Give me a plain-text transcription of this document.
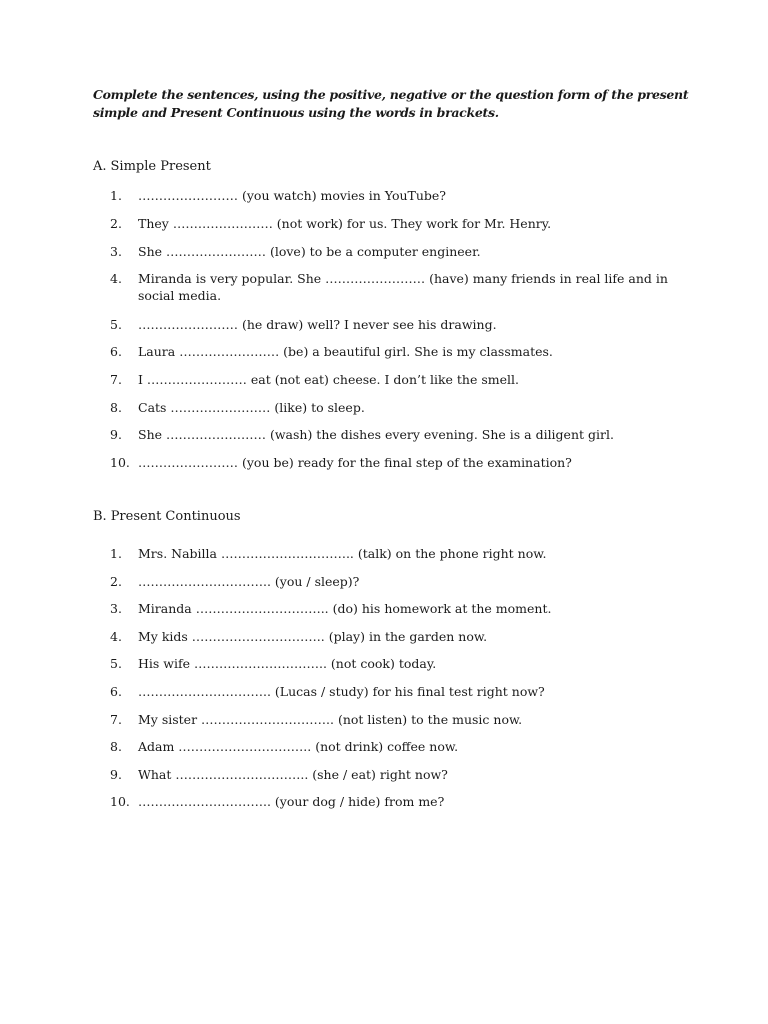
Complete the sentences, using the positive, negative or the question form of the present simple and Present Continuous using the words in brackets.
A. Simple Present
1.	…………………… (you watch) movies in YouTube?
2.	They …………………… (not work) for us. They work for Mr. Henry.
3.	She …………………… (love) to be a computer engineer.
4.	Miranda is very popular. She …………………… (have) many friends in real life and in social media.
5.	…………………… (he draw) well? I never see his drawing.
6.	Laura …………………… (be) a beautiful girl. She is my classmates.
7.	I …………………… eat (not eat) cheese. I don’t like the smell.
8.	Cats …………………… (like) to sleep.
9.	She …………………… (wash) the dishes every evening. She is a diligent girl.
10. …………………… (you be) ready for the final step of the examination?
B. Present Continuous
1.	Mrs. Nabilla ………………………….. (talk) on the phone right now.
2.	………………………….. (you / sleep)?
3.	Miranda ………………………….. (do) his homework at the moment.
4.	My kids ………………………….. (play) in the garden now.
5.	His wife ………………………….. (not cook) today.
6.	………………………….. (Lucas / study) for his final test right now?
7.	My sister ………………………….. (not listen) to the music now.
8.	Adam ………………………….. (not drink) coffee now.
9.	What ………………………….. (she / eat) right now?
10. ………………………….. (your dog / hide) from me?
